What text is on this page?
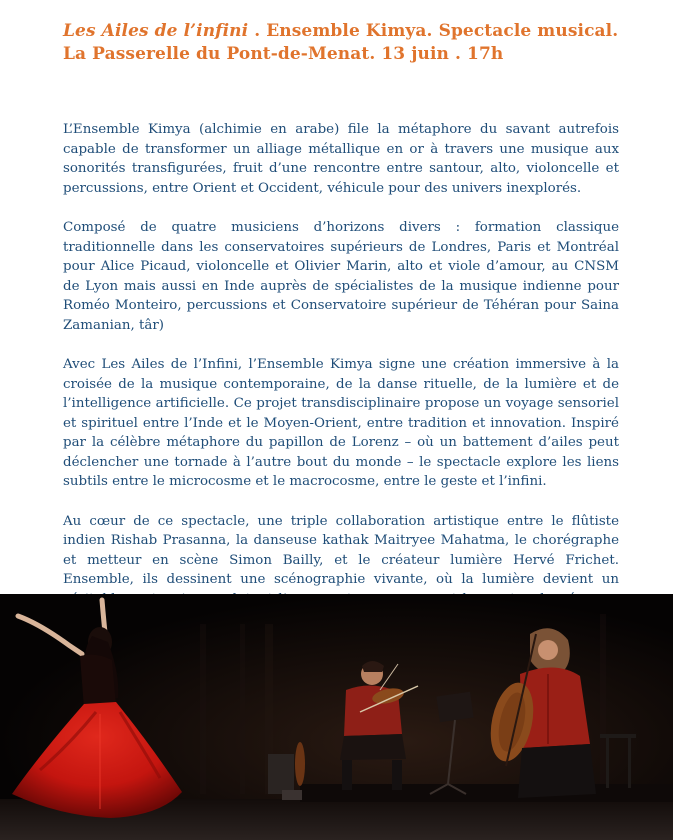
Les Ailes de l’infini . Ensemble Kimya. Spectacle musical. La Passerelle du Pont-de-Menat. 13 juin . 17h

L’Ensemble Kimya (alchimie en arabe) file la métaphore du savant autrefois capable de transformer un alliage métallique en or à travers une musique aux sonorités transfigurées, fruit d’une rencontre entre santour, alto, violoncelle et percussions, entre Orient et Occident, véhicule pour des univers inexplorés.

Composé de quatre musiciens d’horizons divers : formation classique traditionnelle dans les conservatoires supérieurs de Londres, Paris et Montréal pour Alice Picaud, violoncelle et Olivier Marin, alto et viole d’amour, au CNSM de Lyon mais aussi en Inde auprès de spécialistes de la musique indienne pour Roméo Monteiro, percussions et Conservatoire supérieur de Téhéran pour Saina Zamanian, târ)

Avec Les Ailes de l’Infini, l’Ensemble Kimya signe une création immersive à la croisée de la musique contemporaine, de la danse rituelle, de la lumière et de l’intelligence artificielle. Ce projet transdisciplinaire propose un voyage sensoriel et spirituel entre l’Inde et le Moyen-Orient, entre tradition et innovation. Inspiré par la célèbre métaphore du papillon de Lorenz – où un battement d’ailes peut déclencher une tornade à l’autre bout du monde – le spectacle explore les liens subtils entre le microcosme et le macrocosme, entre le geste et l’infini.

Au cœur de ce spectacle, une triple collaboration artistique entre le flûtiste indien Rishab Prasanna, la danseuse kathak Maitryee Mahatma, le chorégraphe et metteur en scène Simon Bailly, et le créateur lumière Hervé Frichet. Ensemble, ils dessinent une scénographie vivante, où la lumière devient un
